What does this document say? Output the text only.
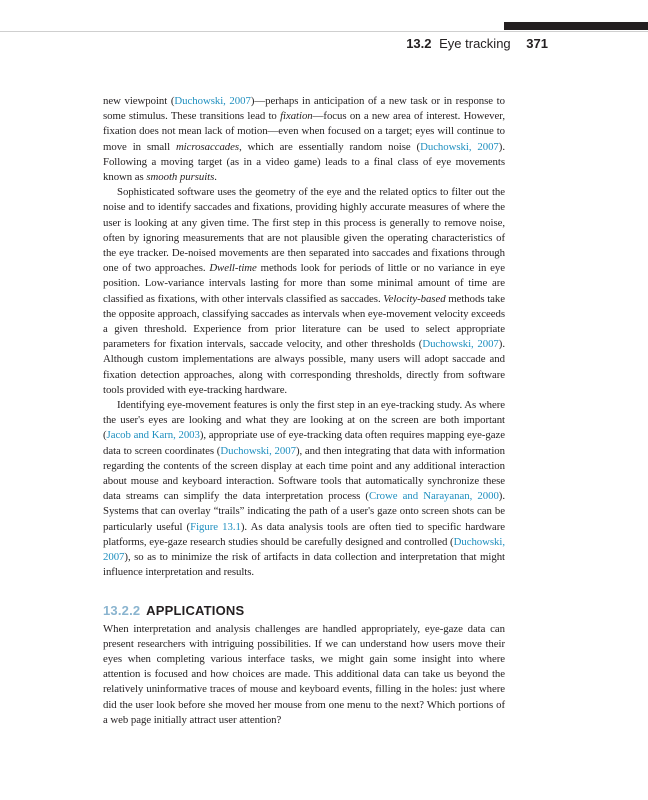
13.2 Eye tracking 371

new viewpoint (Duchowski, 2007)—perhaps in anticipation of a new task or in response to some stimulus. These transitions lead to fixation—focus on a new area of interest. However, fixation does not mean lack of motion—even when focused on a target; eyes will continue to move in small microsaccades, which are essentially random noise (Duchowski, 2007). Following a moving target (as in a video game) leads to a final class of eye movements known as smooth pursuits.

Sophisticated software uses the geometry of the eye and the related optics to filter out the noise and to identify saccades and fixations, providing highly accurate measures of where the user is looking at any given time. The first step in this process is generally to remove noise, often by ignoring measurements that are not plausible given the operating characteristics of the eye tracker. De-noised movements are then separated into saccades and fixations through one of two approaches. Dwell-time methods look for periods of little or no variance in eye position. Low-variance intervals lasting for more than some minimal amount of time are classified as fixations, with other intervals classified as saccades. Velocity-based methods take the opposite approach, classifying saccades as intervals when eye-movement velocity exceeds a given threshold. Experience from prior literature can be used to select appropriate parameters for fixation intervals, saccade velocity, and other thresholds (Duchowski, 2007). Although custom implementations are always possible, many users will adopt saccade and fixation detection approaches, along with corresponding thresholds, directly from software tools provided with eye-tracking hardware.

Identifying eye-movement features is only the first step in an eye-tracking study. As where the user's eyes are looking and what they are looking at on the screen are both important (Jacob and Karn, 2003), appropriate use of eye-tracking data often requires mapping eye-gaze data to screen coordinates (Duchowski, 2007), and then integrating that data with information regarding the contents of the screen display at each time point and any additional interaction about mouse and keyboard interaction. Software tools that automatically synchronize these data streams can simplify the data interpretation process (Crowe and Narayanan, 2000). Systems that can overlay “trails” indicating the path of a user's gaze onto screen shots can be particularly useful (Figure 13.1). As data analysis tools are often tied to specific hardware platforms, eye-gaze research studies should be carefully designed and controlled (Duchowski, 2007), so as to minimize the risk of artifacts in data collection and interpretation that might influence interpretation and results.

13.2.2 APPLICATIONS

When interpretation and analysis challenges are handled appropriately, eye-gaze data can present researchers with intriguing possibilities. If we can understand how users move their eyes when completing various interface tasks, we might gain some insight into where attention is focused and how choices are made. This additional data can take us beyond the relatively uninformative traces of mouse and keyboard events, filling in the holes: just where did the user look before she moved her mouse from one menu to the next? Which portions of a web page initially attract user attention?
